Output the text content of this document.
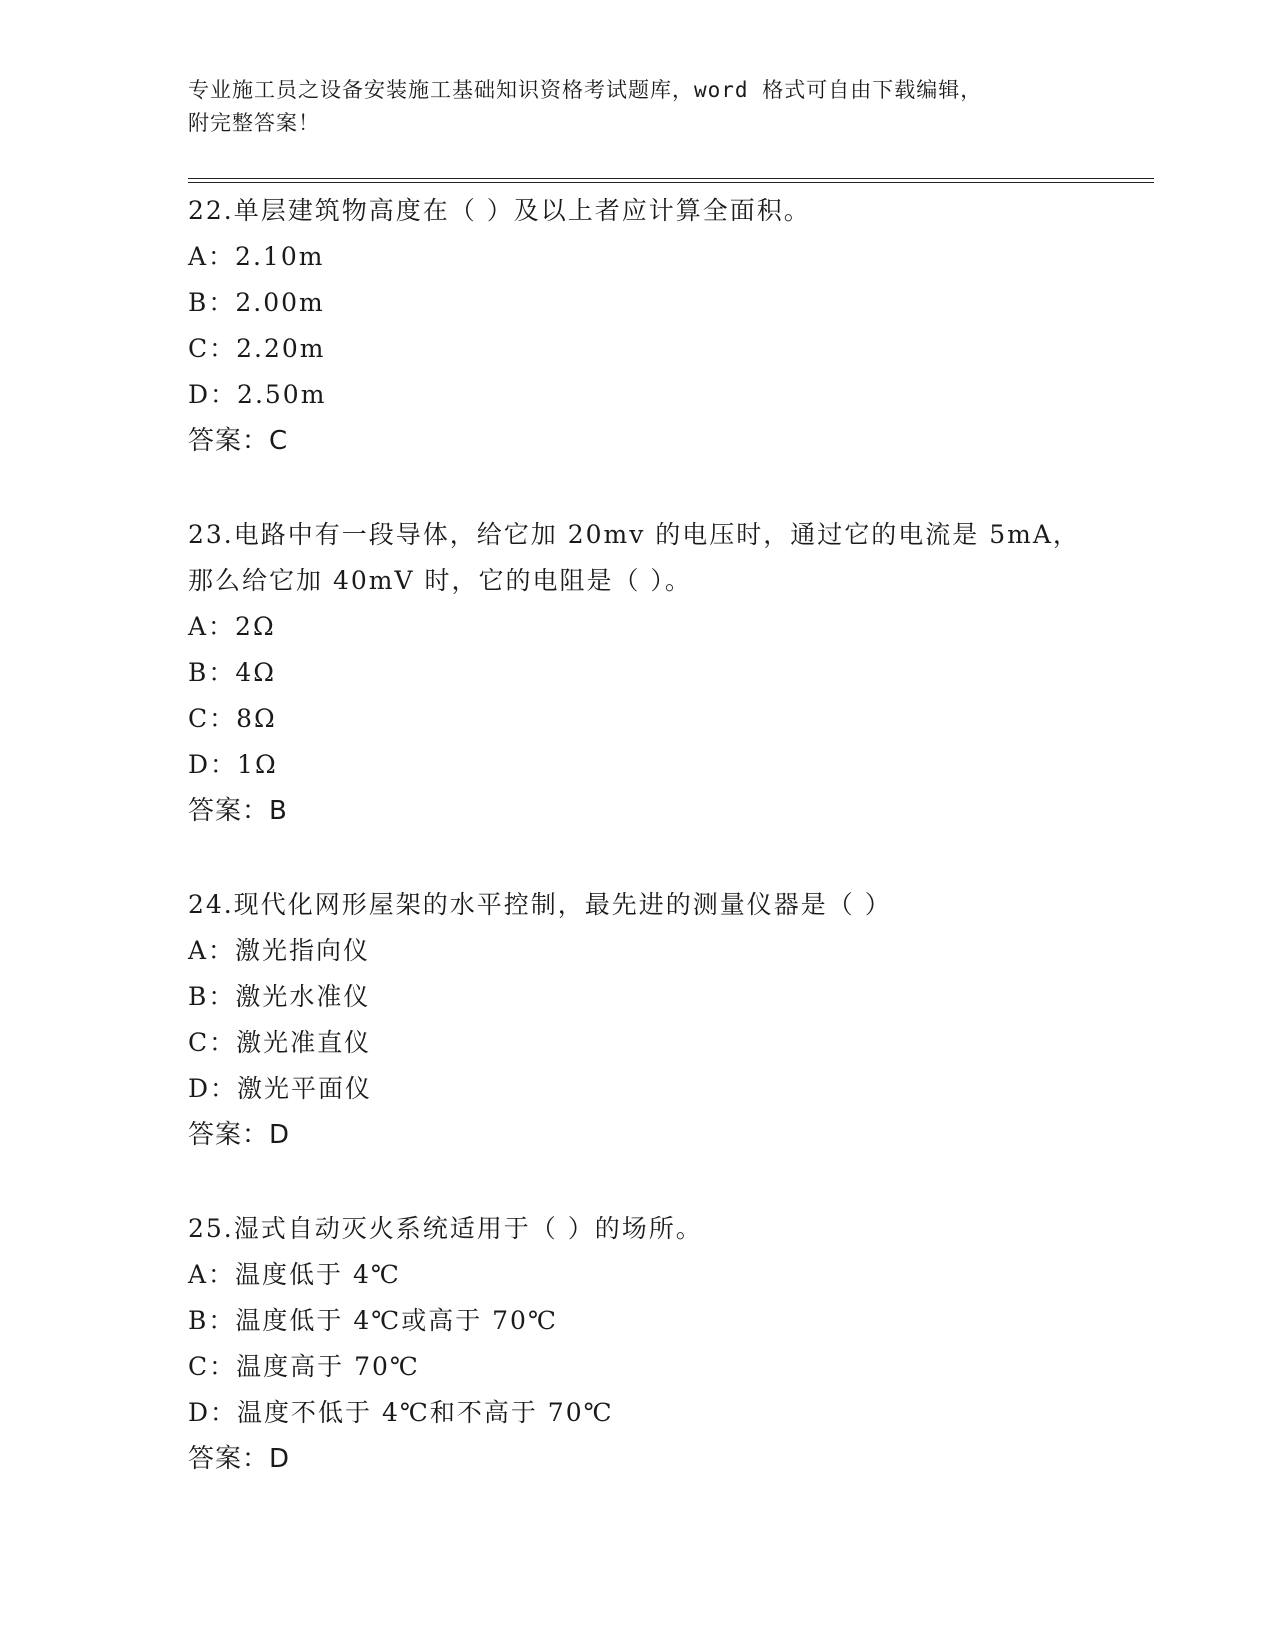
专业施工员之设备安装施工基础知识资格考试题库，word 格式可自由下载编辑，
附完整答案！
22.单层建筑物高度在（ ）及以上者应计算全面积。
A：2.10m
B：2.00m
C：2.20m
D：2.50m
答案：C
23.电路中有一段导体，给它加 20mv 的电压时，通过它的电流是 5mA，
那么给它加 40mV 时，它的电阻是（ ）。
A：2Ω
B：4Ω
C：8Ω
D：1Ω
答案：B
24.现代化网形屋架的水平控制，最先进的测量仪器是（ ）
A：激光指向仪
B：激光水准仪
C：激光准直仪
D：激光平面仪
答案：D
25.湿式自动灭火系统适用于（ ）的场所。
A：温度低于 4℃
B：温度低于 4℃或高于 70℃
C：温度高于 70℃
D：温度不低于 4℃和不高于 70℃
答案：D
